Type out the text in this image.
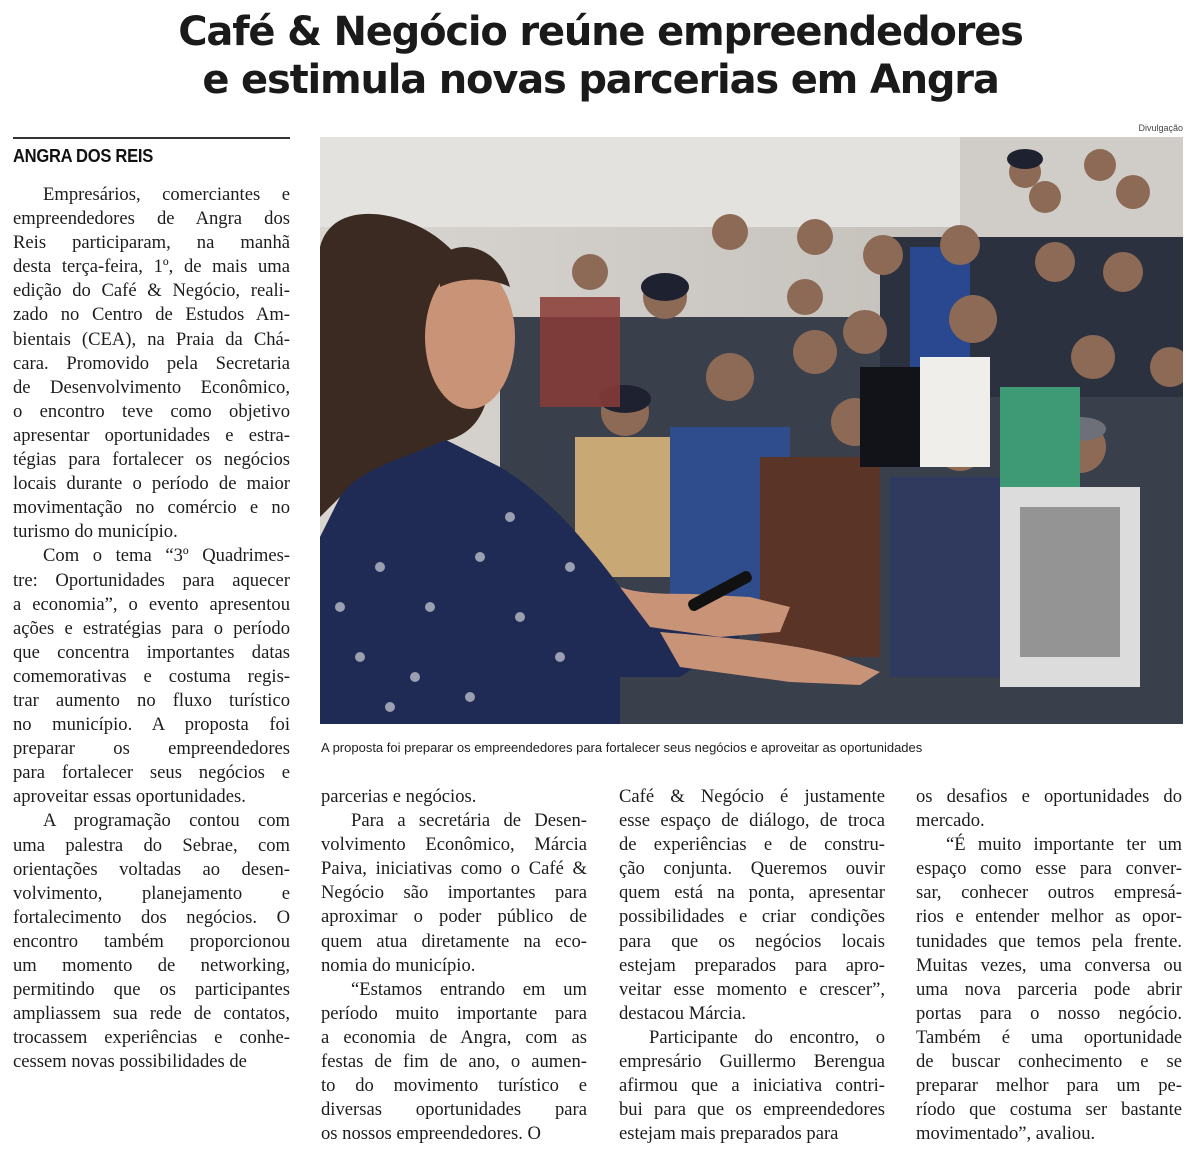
Café & Negócio reúne empreendedores
e estimula novas parcerias em Angra
ANGRA DOS REIS
Divulgação
A proposta foi preparar os empreendedores para fortalecer seus negócios e aproveitar as oportunidades
Empresários, comerciantes e
empreendedores de Angra dos
Reis participaram, na manhã
desta terça-feira, 1º, de mais uma
edição do Café & Negócio, reali-
zado no Centro de Estudos Am-
bientais (CEA), na Praia da Chá-
cara. Promovido pela Secretaria
de Desenvolvimento Econômico,
o encontro teve como objetivo
apresentar oportunidades e estra-
tégias para fortalecer os negócios
locais durante o período de maior
movimentação no comércio e no
turismo do município.
Com o tema “3º Quadrimes-
tre: Oportunidades para aquecer
a economia”, o evento apresentou
ações e estratégias para o período
que concentra importantes datas
comemorativas e costuma regis-
trar aumento no fluxo turístico
no município. A proposta foi
preparar os empreendedores
para fortalecer seus negócios e
aproveitar essas oportunidades.
A programação contou com
uma palestra do Sebrae, com
orientações voltadas ao desen-
volvimento, planejamento e
fortalecimento dos negócios. O
encontro também proporcionou
um momento de networking,
permitindo que os participantes
ampliassem sua rede de contatos,
trocassem experiências e conhe-
cessem novas possibilidades de
parcerias e negócios.
Para a secretária de Desen-
volvimento Econômico, Márcia
Paiva, iniciativas como o Café &
Negócio são importantes para
aproximar o poder público de
quem atua diretamente na eco-
nomia do município.
“Estamos entrando em um
período muito importante para
a economia de Angra, com as
festas de fim de ano, o aumen-
to do movimento turístico e
diversas oportunidades para
os nossos empreendedores. O
Café & Negócio é justamente
esse espaço de diálogo, de troca
de experiências e de constru-
ção conjunta. Queremos ouvir
quem está na ponta, apresentar
possibilidades e criar condições
para que os negócios locais
estejam preparados para apro-
veitar esse momento e crescer”,
destacou Márcia.
Participante do encontro, o
empresário Guillermo Berengua
afirmou que a iniciativa contri-
bui para que os empreendedores
estejam mais preparados para
os desafios e oportunidades do
mercado.
“É muito importante ter um
espaço como esse para conver-
sar, conhecer outros empresá-
rios e entender melhor as opor-
tunidades que temos pela frente.
Muitas vezes, uma conversa ou
uma nova parceria pode abrir
portas para o nosso negócio.
Também é uma oportunidade
de buscar conhecimento e se
preparar melhor para um pe-
ríodo que costuma ser bastante
movimentado”, avaliou.
